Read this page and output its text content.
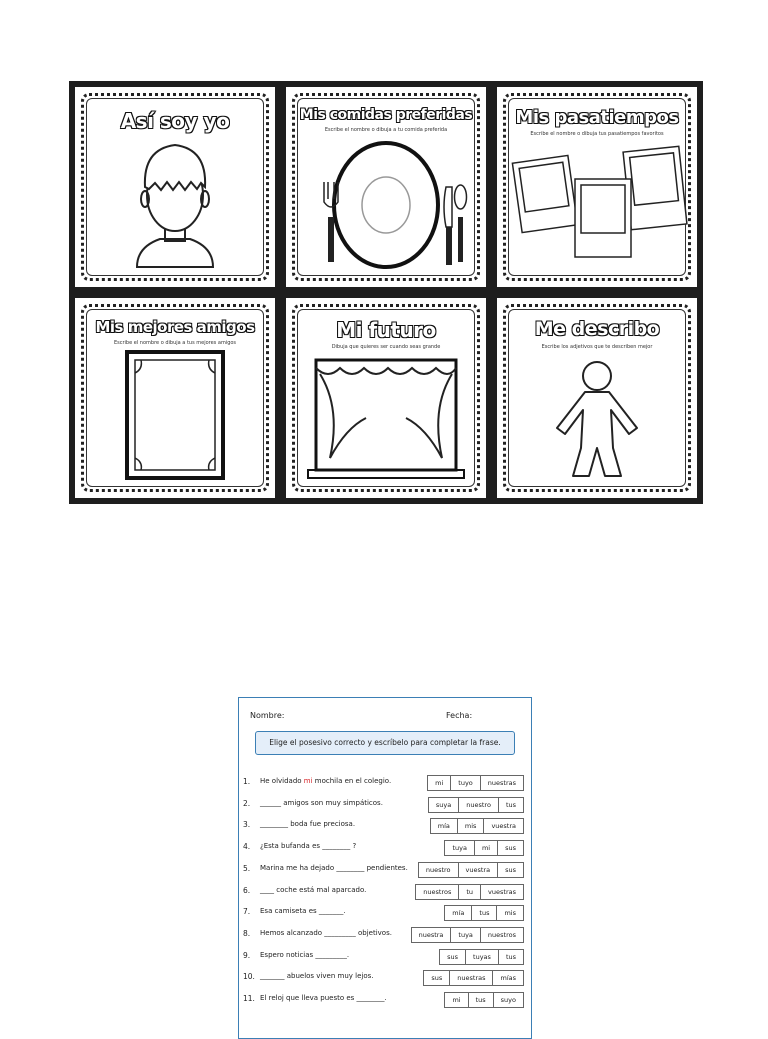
Así soy yo	Mis comidas preferidas
Escribe el nombre o dibuja a tu comida preferida
Mis pasatiempos
Escribe el nombre o dibuja tus pasatiempos favoritos
Mis mejores amigos
Escribe el nombre o dibuja a tus mejores amigos
Mi futuro
Dibuja que quieres ser cuando seas grande
Me describo
Escribe los adjetivos que te describen mejor
Nombre:	Fecha:
Elige el posesivo correcto y escríbelo para completar la frase.
1. He olvidado mi mochila en el colegio.	mi	tuyo	nuestras
2. ______ amigos son muy simpáticos.	suya	nuestro	tus
3. ________ boda fue preciosa.	mía	mis	vuestra
4. ¿Esta bufanda es ________ ?	tuya	mi	sus
5. Marina me ha dejado ________ pendientes.	nuestro	vuestra	sus
6. ____ coche está mal aparcado.	nuestros	tu	vuestras
7. Esa camiseta es _______.	mía	tus	mis
8. Hemos alcanzado _________ objetivos.	nuestra	tuya	nuestros
9. Espero noticias _________.	sus	tuyas	tus
10. _______ abuelos viven muy lejos.	sus	nuestras	mías
11. El reloj que lleva puesto es ________.	mi	tus	suyo
